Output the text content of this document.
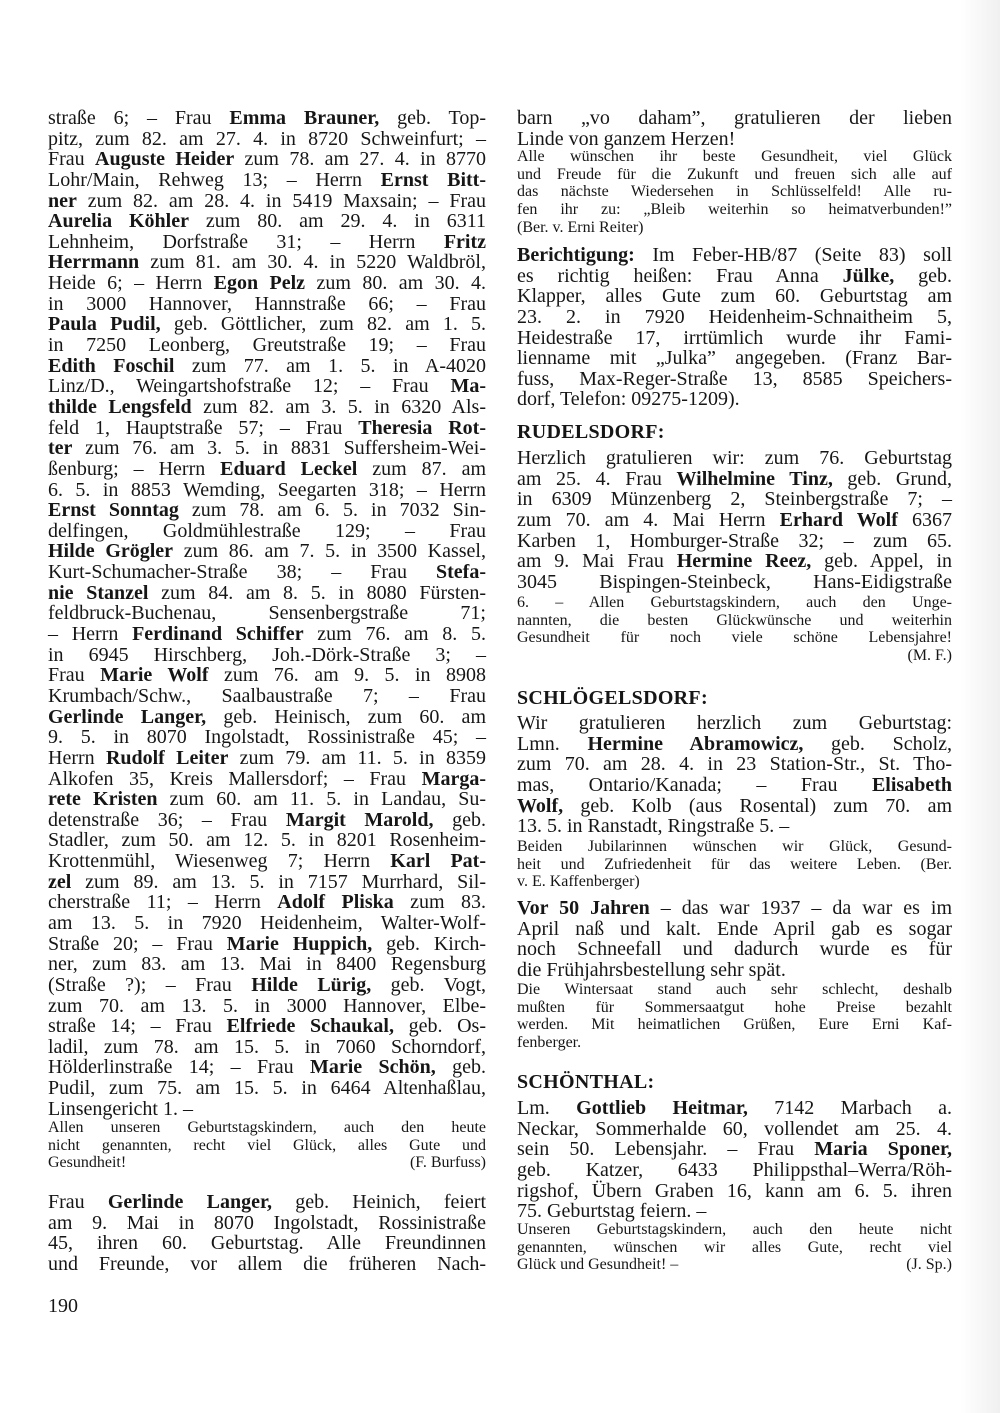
straße 6; – Frau Emma Brauner, geb. Top-
pitz, zum 82. am 27. 4. in 8720 Schweinfurt; –
Frau Auguste Heider zum 78. am 27. 4. in 8770
Lohr/Main, Rehweg 13; – Herrn Ernst Bitt-
ner zum 82. am 28. 4. in 5419 Maxsain; – Frau
Aurelia Köhler zum 80. am 29. 4. in 6311
Lehnheim, Dorfstraße 31; – Herrn Fritz
Herrmann zum 81. am 30. 4. in 5220 Waldbröl,
Heide 6; – Herrn Egon Pelz zum 80. am 30. 4.
in 3000 Hannover, Hannstraße 66; – Frau
Paula Pudil, geb. Göttlicher, zum 82. am 1. 5.
in 7250 Leonberg, Greutstraße 19; – Frau
Edith Foschil zum 77. am 1. 5. in A-4020
Linz/D., Weingartshofstraße 12; – Frau Ma-
thilde Lengsfeld zum 82. am 3. 5. in 6320 Als-
feld 1, Hauptstraße 57; – Frau Theresia Rot-
ter zum 76. am 3. 5. in 8831 Suffersheim-Wei-
ßenburg; – Herrn Eduard Leckel zum 87. am
6. 5. in 8853 Wemding, Seegarten 318; – Herrn
Ernst Sonntag zum 78. am 6. 5. in 7032 Sin-
delfingen, Goldmühlestraße 129; – Frau
Hilde Grögler zum 86. am 7. 5. in 3500 Kassel,
Kurt-Schumacher-Straße 38; – Frau Stefa-
nie Stanzel zum 84. am 8. 5. in 8080 Fürsten-
feldbruck-Buchenau, Sensenbergstraße 71;
– Herrn Ferdinand Schiffer zum 76. am 8. 5.
in 6945 Hirschberg, Joh.-Dörk-Straße 3; –
Frau Marie Wolf zum 76. am 9. 5. in 8908
Krumbach/Schw., Saalbaustraße 7; – Frau
Gerlinde Langer, geb. Heinisch, zum 60. am
9. 5. in 8070 Ingolstadt, Rossinistraße 45; –
Herrn Rudolf Leiter zum 79. am 11. 5. in 8359
Alkofen 35, Kreis Mallersdorf; – Frau Marga-
rete Kristen zum 60. am 11. 5. in Landau, Su-
detenstraße 36; – Frau Margit Marold, geb.
Stadler, zum 50. am 12. 5. in 8201 Rosenheim-
Krottenmühl, Wiesenweg 7; Herrn Karl Pat-
zel zum 89. am 13. 5. in 7157 Murrhard, Sil-
cherstraße 11; – Herrn Adolf Pliska zum 83.
am 13. 5. in 7920 Heidenheim, Walter-Wolf-
Straße 20; – Frau Marie Huppich, geb. Kirch-
ner, zum 83. am 13. Mai in 8400 Regensburg
(Straße ?); – Frau Hilde Lürig, geb. Vogt,
zum 70. am 13. 5. in 3000 Hannover, Elbe-
straße 14; – Frau Elfriede Schaukal, geb. Os-
ladil, zum 78. am 15. 5. in 7060 Schorndorf,
Hölderlinstraße 14; – Frau Marie Schön, geb.
Pudil, zum 75. am 15. 5. in 6464 Altenhaßlau,
Linsengericht 1. –
Allen unseren Geburtstagskindern, auch den heute
nicht genannten, recht viel Glück, alles Gute und
Gesundheit!	(F. Burfuss)
Frau Gerlinde Langer, geb. Heinich, feiert
am 9. Mai in 8070 Ingolstadt, Rossinistraße
45, ihren 60. Geburtstag. Alle Freundinnen
und Freunde, vor allem die früheren Nach-
190
barn „vo daham”, gratulieren der lieben
Linde von ganzem Herzen!
Alle wünschen ihr beste Gesundheit, viel Glück
und Freude für die Zukunft und freuen sich alle auf
das nächste Wiedersehen in Schlüsselfeld! Alle ru-
fen ihr zu: „Bleib weiterhin so heimatverbunden!”
(Ber. v. Erni Reiter)
Berichtigung: Im Feber-HB/87 (Seite 83) soll
es richtig heißen: Frau Anna Jülke, geb.
Klapper, alles Gute zum 60. Geburtstag am
23. 2. in 7920 Heidenheim-Schnaitheim 5,
Heidestraße 17, irrtümlich wurde ihr Fami-
lienname mit „Julka” angegeben. (Franz Bar-
fuss, Max-Reger-Straße 13, 8585 Speichers-
dorf, Telefon: 09275-1209).
RUDELSDORF:
Herzlich gratulieren wir: zum 76. Geburtstag
am 25. 4. Frau Wilhelmine Tinz, geb. Grund,
in 6309 Münzenberg 2, Steinbergstraße 7; –
zum 70. am 4. Mai Herrn Erhard Wolf 6367
Karben 1, Homburger-Straße 32; – zum 65.
am 9. Mai Frau Hermine Reez, geb. Appel, in
3045 Bispingen-Steinbeck, Hans-Eidigstraße
6. – Allen Geburtstagskindern, auch den Unge-
nannten, die besten Glückwünsche und weiterhin
Gesundheit für noch viele schöne Lebensjahre!
(M. F.)
SCHLÖGELSDORF:
Wir gratulieren herzlich zum Geburtstag:
Lmn. Hermine Abramowicz, geb. Scholz,
zum 70. am 28. 4. in 23 Station-Str., St. Tho-
mas, Ontario/Kanada; – Frau Elisabeth
Wolf, geb. Kolb (aus Rosental) zum 70. am
13. 5. in Ranstadt, Ringstraße 5. –
Beiden Jubilarinnen wünschen wir Glück, Gesund-
heit und Zufriedenheit für das weitere Leben. (Ber.
v. E. Kaffenberger)
Vor 50 Jahren – das war 1937 – da war es im
April naß und kalt. Ende April gab es sogar
noch Schneefall und dadurch wurde es für
die Frühjahrsbestellung sehr spät.
Die Wintersaat stand auch sehr schlecht, deshalb
mußten für Sommersaatgut hohe Preise bezahlt
werden. Mit heimatlichen Grüßen, Eure Erni Kaf-
fenberger.
SCHÖNTHAL:
Lm. Gottlieb Heitmar, 7142 Marbach a.
Neckar, Sommerhalde 60, vollendet am 25. 4.
sein 50. Lebensjahr. – Frau Maria Sponer,
geb. Katzer, 6433 Philippsthal–Werra/Röh-
rigshof, Übern Graben 16, kann am 6. 5. ihren
75. Geburtstag feiern. –
Unseren Geburtstagskindern, auch den heute nicht
genannten, wünschen wir alles Gute, recht viel
Glück und Gesundheit! –	(J. Sp.)
